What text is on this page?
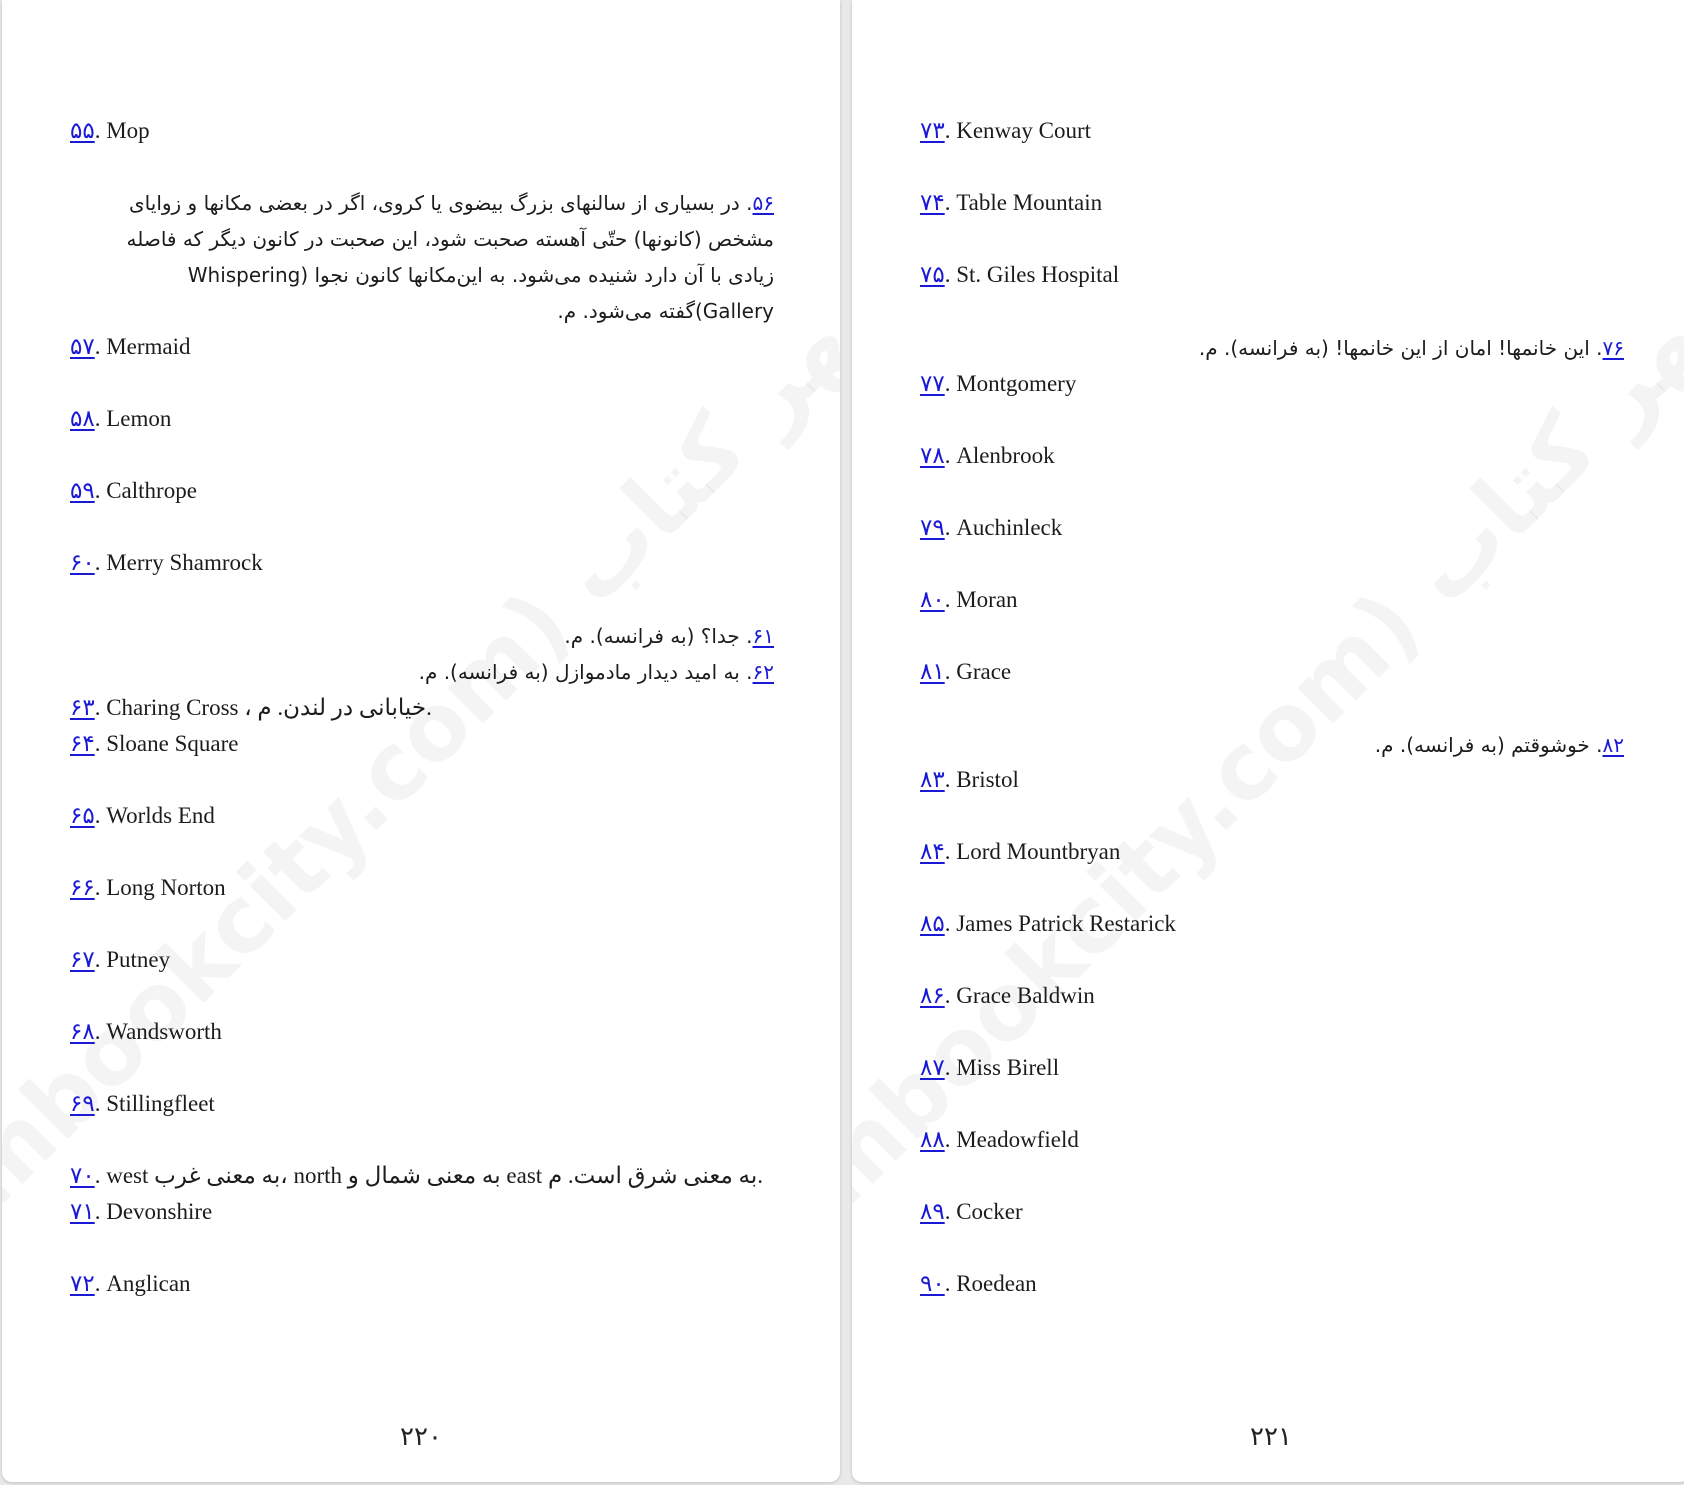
۵۵. Mop
۵۶. در بسیاری از سالنهای بزرگ بیضوی یا کروی، اگر در بعضی مکانها و زوایای مشخص (کانونها) حتّی آهسته صحبت شود، این صحبت در کانون دیگر که فاصله زیادی با آن دارد شنیده می‌شود. به این‌مکانها کانون نجوا (Whispering Gallery)گفته می‌شود. م.
۵۷. Mermaid
۵۸. Lemon
۵۹. Calthrope
۶۰. Merry Shamrock
۶۱. جدا؟ (به فرانسه). م.
۶۲. به امید دیدار مادموازل (به فرانسه). م.
۶۳. Charing Cross ، خیابانی در لندن. م.
۶۴. Sloane Square
۶۵. Worlds End
۶۶. Long Norton
۶۷. Putney
۶۸. Wandsworth
۶۹. Stillingfleet
۷۰. west به معنی غرب، north به معنی شمال و east به معنی شرق است. م.
۷۱. Devonshire
۷۲. Anglican
۲۲۰
۷۳. Kenway Court
۷۴. Table Mountain
۷۵. St. Giles Hospital
۷۶. این خانمها! امان از این خانمها! (به فرانسه). م.
۷۷. Montgomery
۷۸. Alenbrook
۷۹. Auchinleck
۸۰. Moran
۸۱. Grace
۸۲. خوشوقتم (به فرانسه). م.
۸۳. Bristol
۸۴. Lord Mountbryan
۸۵. James Patrick Restarick
۸۶. Grace Baldwin
۸۷. Miss Birell
۸۸. Meadowfield
۸۹. Cocker
۹۰. Roedean
۲۲۱
